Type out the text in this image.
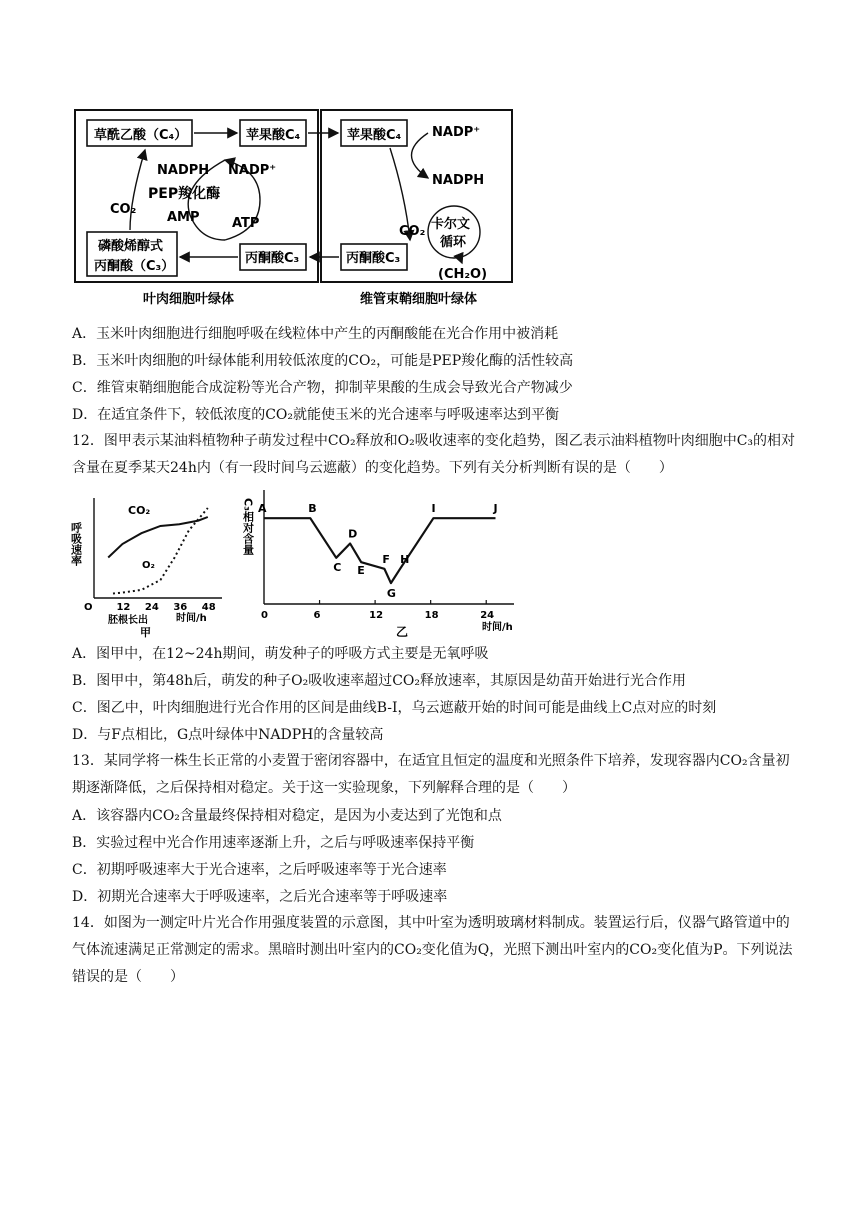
草酰乙酸（C₄）	苹果酸C₄
磷酸烯醇式
丙酮酸（C₃）
丙酮酸C₃
NADPH NADP⁺
PEP羧化酶
CO₂
AMP ATP
苹果酸C₄
丙酮酸C₃
NADP⁺
NADPH
CO₂ 卡尔文
循环
(CH₂O)
叶肉细胞叶绿体	维管束鞘细胞叶绿体
A．玉米叶肉细胞进行细胞呼吸在线粒体中产生的丙酮酸能在光合作用中被消耗
B．玉米叶肉细胞的叶绿体能利用较低浓度的CO₂，可能是PEP羧化酶的活性较高
C．维管束鞘细胞能合成淀粉等光合产物，抑制苹果酸的生成会导致光合产物减少
D．在适宜条件下，较低浓度的CO₂就能使玉米的光合速率与呼吸速率达到平衡
12．图甲表示某油料植物种子萌发过程中CO₂释放和O₂吸收速率的变化趋势，图乙表示油料植物叶肉细胞中C₃的相对含量在夏季某天24h内（有一段时间乌云遮蔽）的变化趋势。下列有关分析判断有误的是（　　）
呼吸速率
O 12 24 36 48
胚根长出	时间/h
甲
CO₂
O₂
C₃相对含量
0	6	12	18	24
时间/h
乙
A	B
C
D
E
F
G
H
I	J
A．图甲中，在12~24h期间，萌发种子的呼吸方式主要是无氧呼吸
B．图甲中，第48h后，萌发的种子O₂吸收速率超过CO₂释放速率，其原因是幼苗开始进行光合作用
C．图乙中，叶肉细胞进行光合作用的区间是曲线B-I，乌云遮蔽开始的时间可能是曲线上C点对应的时刻
D．与F点相比，G点叶绿体中NADPH的含量较高
13．某同学将一株生长正常的小麦置于密闭容器中，在适宜且恒定的温度和光照条件下培养，发现容器内CO₂含量初期逐渐降低，之后保持相对稳定。关于这一实验现象，下列解释合理的是（　　）
A．该容器内CO₂含量最终保持相对稳定，是因为小麦达到了光饱和点
B．实验过程中光合作用速率逐渐上升，之后与呼吸速率保持平衡
C．初期呼吸速率大于光合速率，之后呼吸速率等于光合速率
D．初期光合速率大于呼吸速率，之后光合速率等于呼吸速率
14．如图为一测定叶片光合作用强度装置的示意图，其中叶室为透明玻璃材料制成。装置运行后，仪器气路管道中的气体流速满足正常测定的需求。黑暗时测出叶室内的CO₂变化值为Q，光照下测出叶室内的CO₂变化值为P。下列说法错误的是（　　）
